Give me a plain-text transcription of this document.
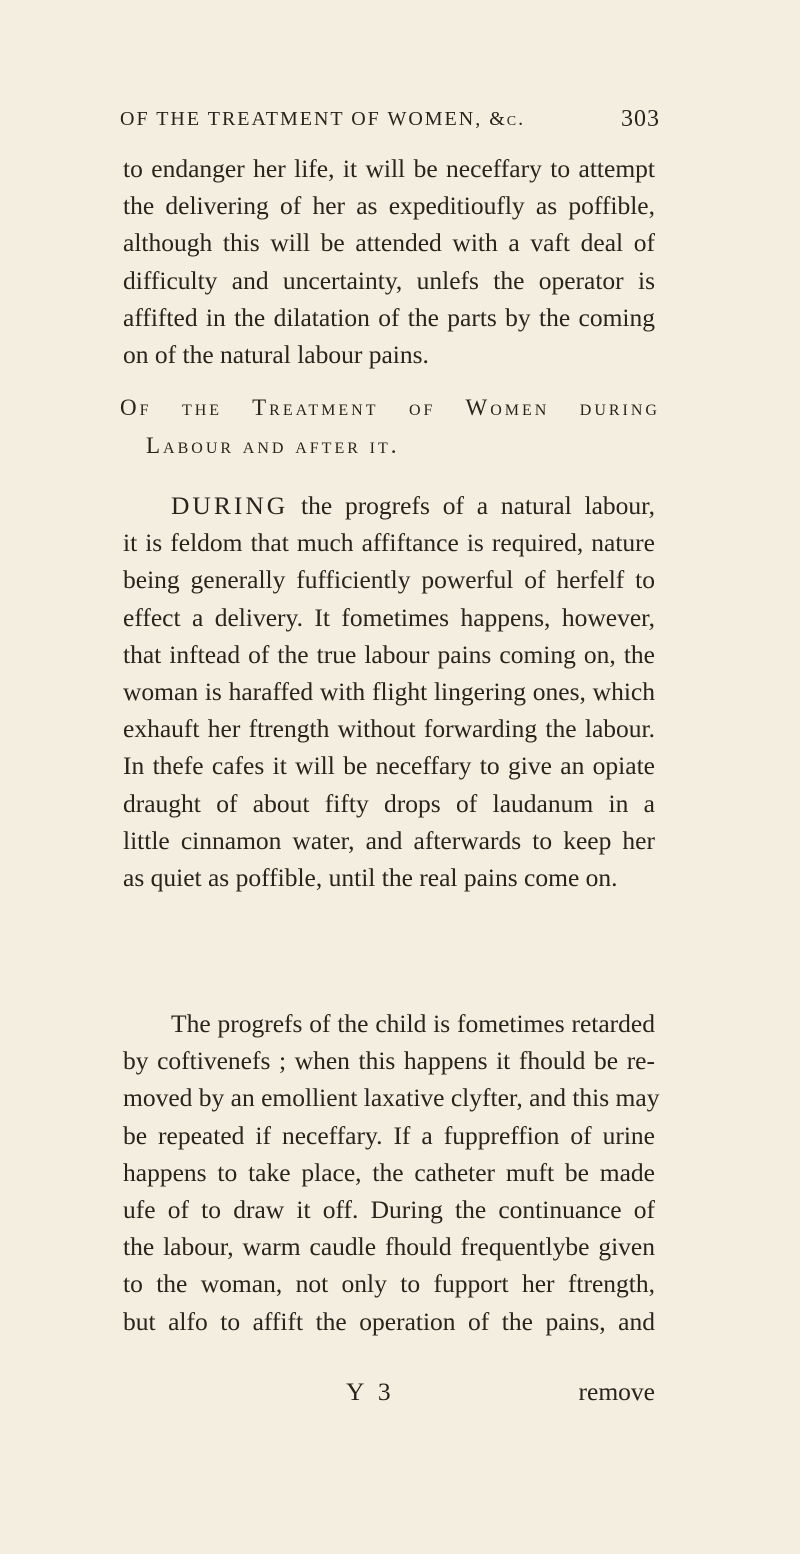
OF THE TREATMENT OF WOMEN, &c.	303
to endanger her life, it will be neceffary to attempt
the delivering of her as expeditioufly as poffible,
although this will be attended with a vaft deal of
difficulty and uncertainty, unlefs the operator is
affifted in the dilatation of the parts by the coming
on of the natural labour pains.
Of the Treatment of Women during
Labour and after it.
DURING the progrefs of a natural labour,
it is feldom that much affiftance is required, nature
being generally fufficiently powerful of herfelf to
effect a delivery. It fometimes happens, however,
that inftead of the true labour pains coming on, the
woman is haraffed with flight lingering ones, which
exhauft her ftrength without forwarding the labour.
In thefe cafes it will be neceffary to give an opiate
draught of about fifty drops of laudanum in a
little cinnamon water, and afterwards to keep her
as quiet as poffible, until the real pains come on.
The progrefs of the child is fometimes retarded
by coftivenefs ; when this happens it fhould be re-
moved by an emollient laxative clyfter, and this may
be repeated if neceffary. If a fuppreffion of urine
happens to take place, the catheter muft be made
ufe of to draw it off. During the continuance of
the labour, warm caudle fhould frequentlybe given
to the woman, not only to fupport her ftrength,
but alfo to affift the operation of the pains, and
Y 3	remove
